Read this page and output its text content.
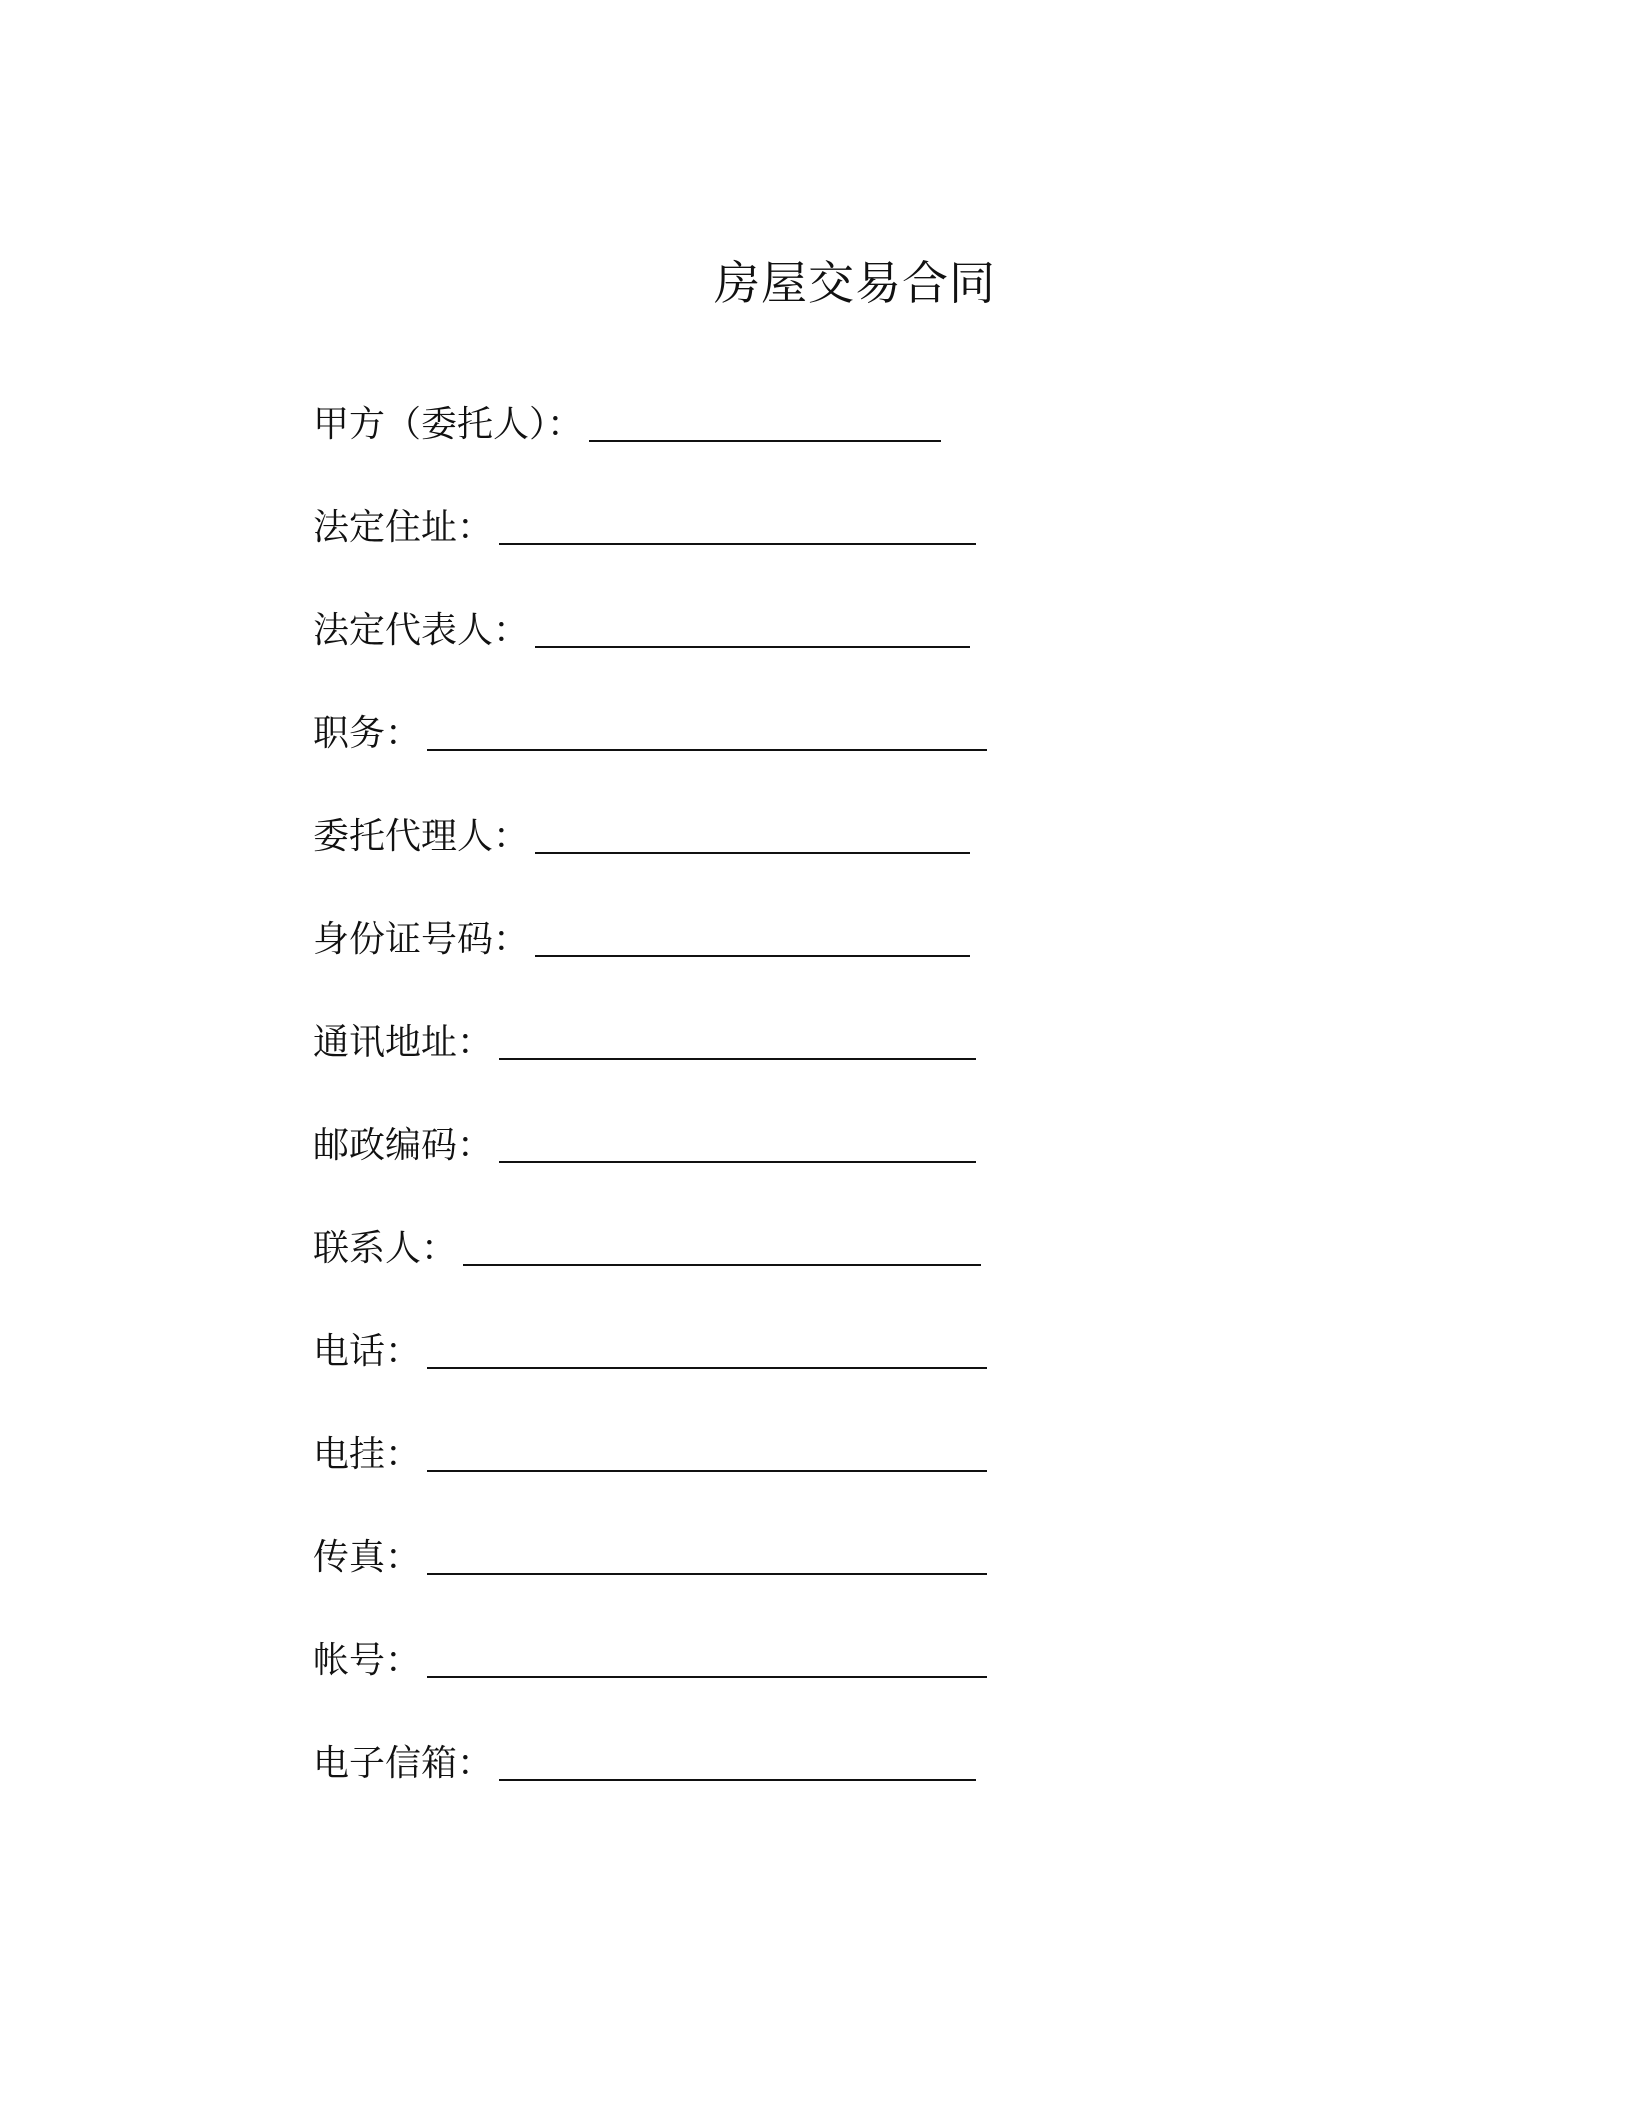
房屋交易合同
甲方（委托人）：
法定住址：
法定代表人：
职务：
委托代理人：
身份证号码：
通讯地址：
邮政编码：
联系人：
电话：
电挂：
传真：
帐号：
电子信箱：
